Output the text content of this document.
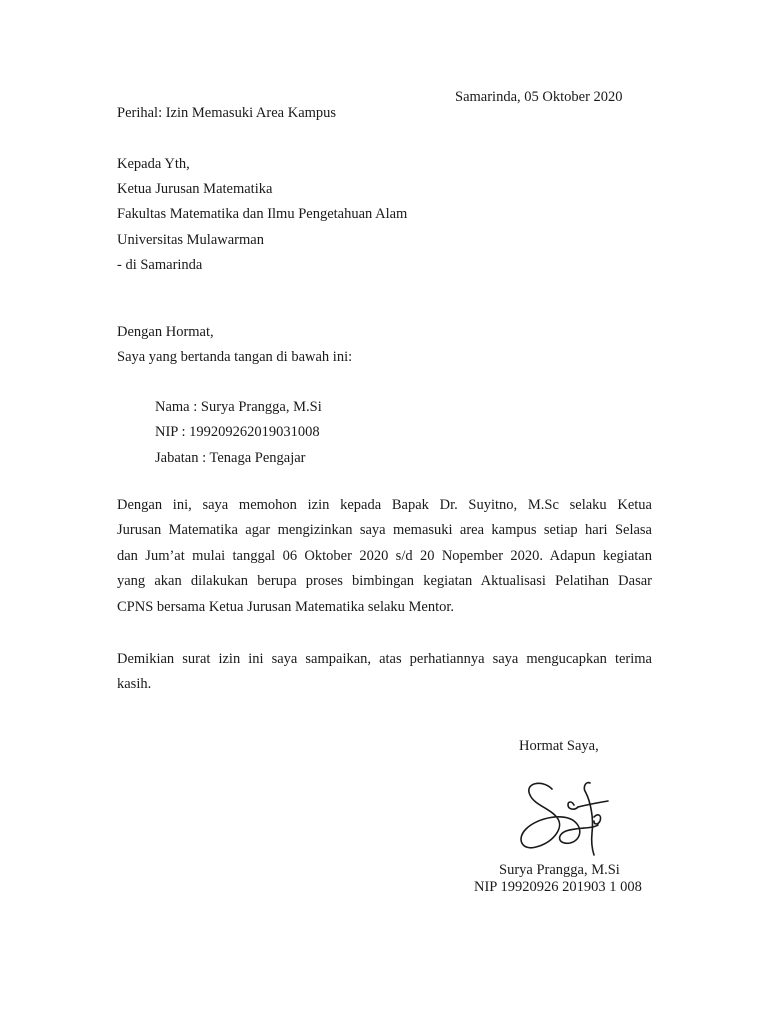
Samarinda, 05 Oktober 2020
Perihal: Izin Memasuki Area Kampus
Kepada Yth,
Ketua Jurusan Matematika
Fakultas Matematika dan Ilmu Pengetahuan Alam
Universitas Mulawarman
- di Samarinda
Dengan Hormat,
Saya yang bertanda tangan di bawah ini:
Nama : Surya Prangga, M.Si
NIP : 199209262019031008
Jabatan : Tenaga Pengajar
Dengan ini, saya memohon izin kepada Bapak Dr. Suyitno, M.Sc selaku Ketua
Jurusan Matematika agar mengizinkan saya memasuki area kampus setiap hari Selasa
dan Jum’at mulai tanggal 06 Oktober 2020 s/d 20 Nopember 2020. Adapun kegiatan
yang akan dilakukan berupa proses bimbingan kegiatan Aktualisasi Pelatihan Dasar
CPNS bersama Ketua Jurusan Matematika selaku Mentor.
Demikian surat izin ini saya sampaikan, atas perhatiannya saya mengucapkan terima
kasih.
Hormat Saya,
Surya Prangga, M.Si
NIP 19920926 201903 1 008
